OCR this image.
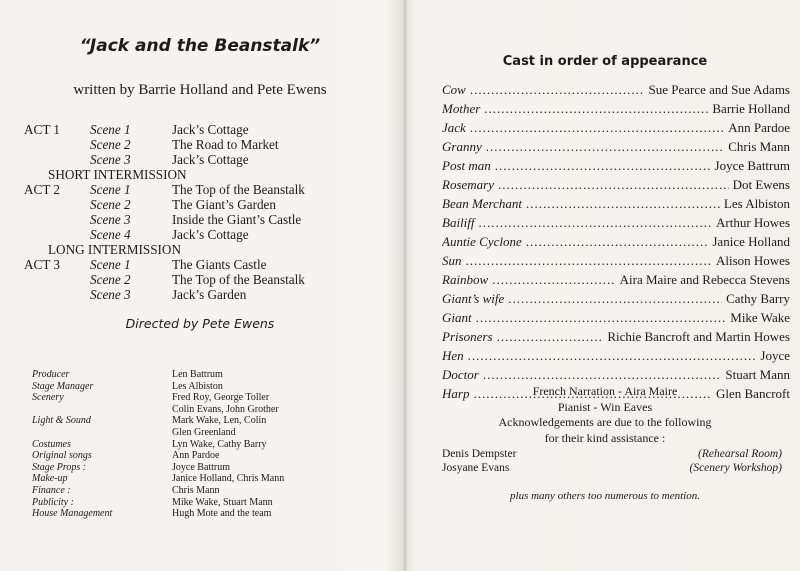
“Jack and the Beanstalk”
written by Barrie Holland and Pete Ewens
ACT 1 Scene 1	Jack’s Cottage
Scene 2	The Road to Market
Scene 3	Jack’s Cottage
SHORT INTERMISSION
ACT 2 Scene 1	The Top of the Beanstalk
Scene 2	The Giant’s Garden
Scene 3	Inside the Giant’s Castle
Scene 4	Jack’s Cottage
LONG INTERMISSION
ACT 3 Scene 1	The Giants Castle
Scene 2	The Top of the Beanstalk
Scene 3	Jack’s Garden
Directed by Pete Ewens
Producer	Len Battrum
Stage Manager	Les Albiston
Scenery	Fred Roy, George Toller
Colin Evans, John Grother
Light & Sound	Mark Wake, Len, Colin
Glen Greenland
Costumes	Lyn Wake, Cathy Barry
Original songs	Ann Pardoe
Stage Props :	Joyce Battrum
Make-up	Janice Holland, Chris Mann
Finance :	Chris Mann
Publicity :	Mike Wake, Stuart Mann
House Management	Hugh Mote and the team
Cast in order of appearance
Cow .....	Sue Pearce and Sue Adams
Mother .....	Barrie Holland
Jack .....	Ann Pardoe
Granny .....	Chris Mann
Post man .....	Joyce Battrum
Rosemary .....	Dot Ewens
Bean Merchant .....	Les Albiston
Bailiff .....	Arthur Howes
Auntie Cyclone .....	Janice Holland
Sun .....	Alison Howes
Rainbow .....	Aira Maire and Rebecca Stevens
Giant’s wife .....	Cathy Barry
Giant .....	Mike Wake
Prisoners .....	Richie Bancroft and Martin Howes
Hen .....	Joyce
Doctor .....	Stuart Mann
Harp .....	Glen Bancroft
French Narration - Aira Maire
Pianist - Win Eaves
Acknowledgements are due to the following
for their kind assistance :
Denis Dempster	(Rehearsal Room)
Josyane Evans	(Scenery Workshop)
plus many others too numerous to mention.
